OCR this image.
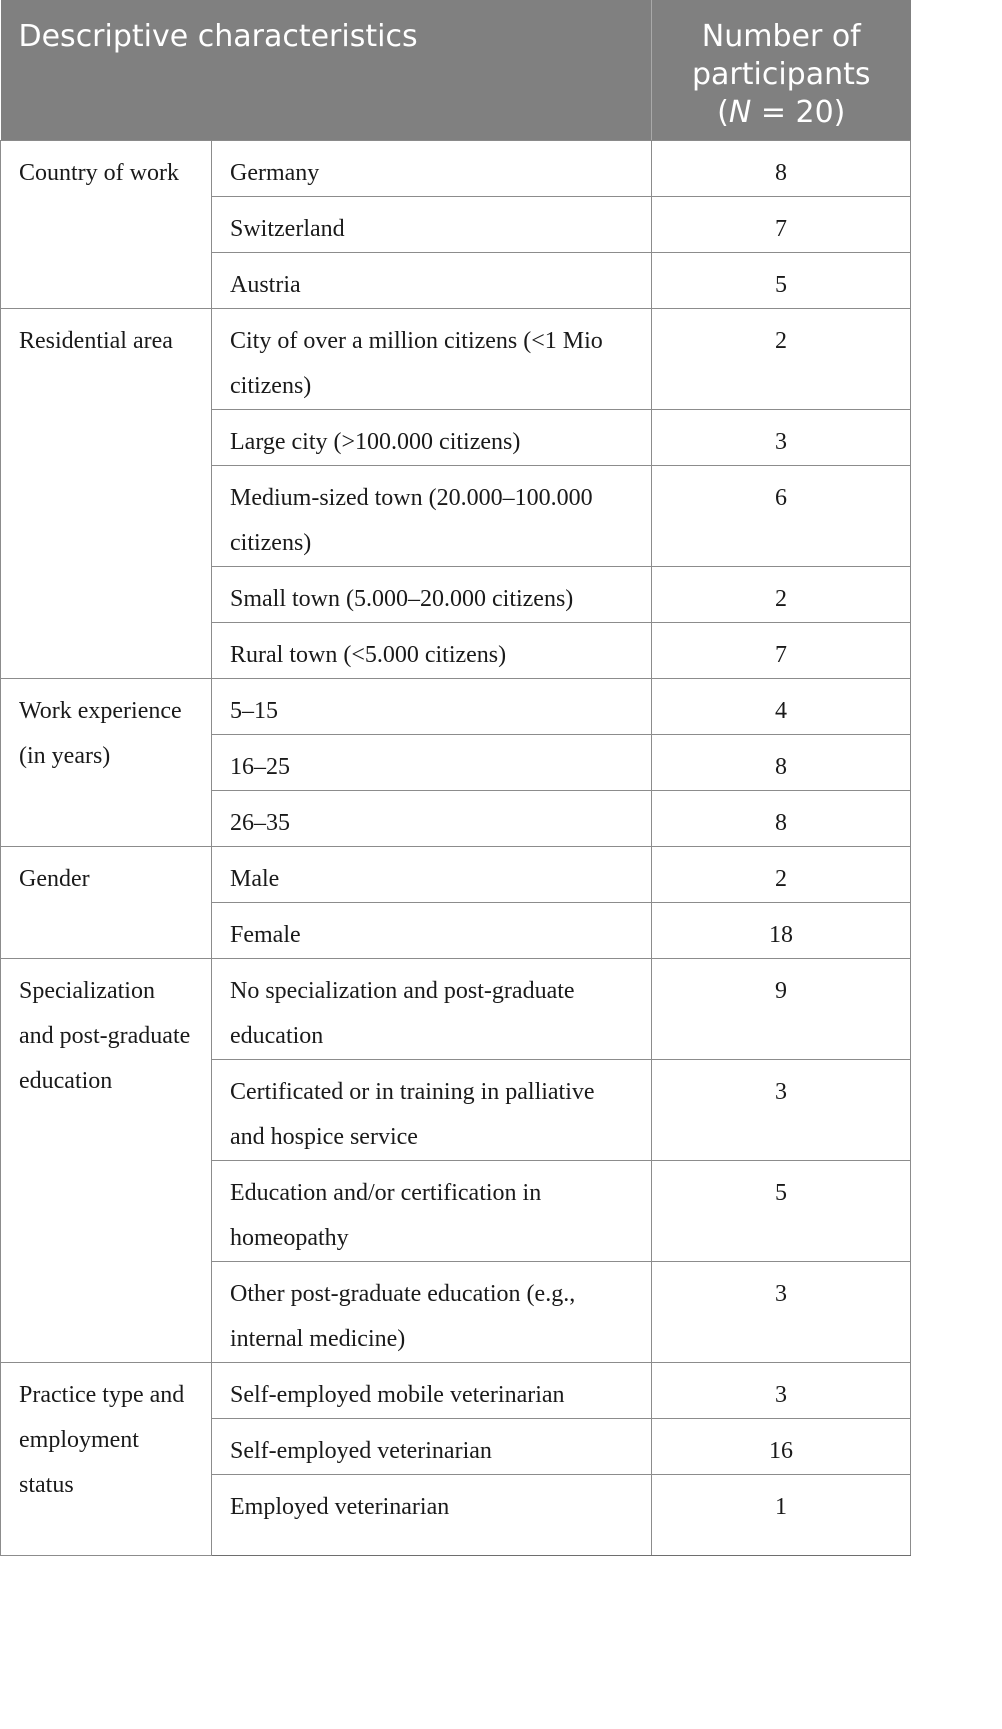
Descriptive characteristics		Number of
participants
(N = 20)
Country of work	Germany	8
	Switzerland	7
	Austria	5
Residential area	City of over a million citizens (<1 Mio citizens)	2
	Large city (>100.000 citizens)	3
	Medium-sized town (20.000–100.000 citizens)	6
	Small town (5.000–20.000 citizens)	2
	Rural town (<5.000 citizens)	7
Work experience (in years)	5–15	4
	16–25	8
	26–35	8
Gender	Male	2
	Female	18
Specialization and post-graduate education	No specialization and post-graduate education	9
	Certificated or in training in palliative and hospice service	3
	Education and/or certification in homeopathy	5
	Other post-graduate education (e.g., internal medicine)	3
Practice type and employment status	Self-employed mobile veterinarian	3
	Self-employed veterinarian	16
	Employed veterinarian	1
